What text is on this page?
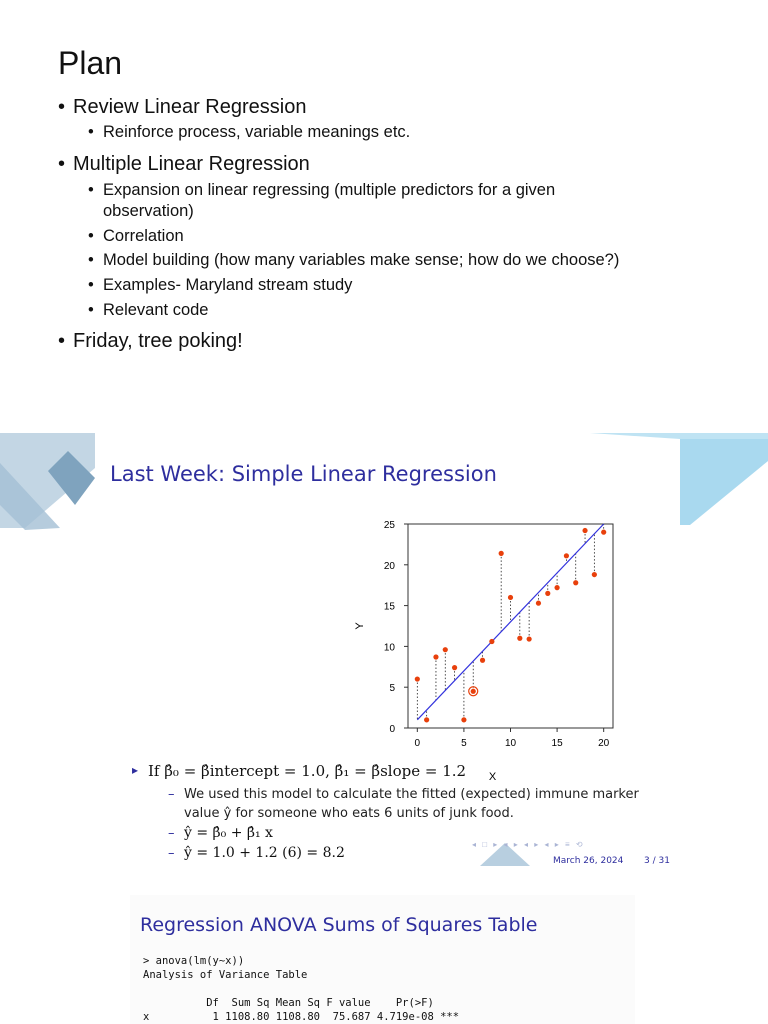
Plan
• Review Linear Regression
• Reinforce process, variable meanings etc.
• Multiple Linear Regression
• Expansion on linear regressing (multiple predictors for a given observation)
• Correlation
• Model building (how many variables make sense; how do we choose?)
• Examples- Maryland stream study
• Relevant code
• Friday, tree poking!
Last Week: Simple Linear Regression
0	5	10	15	20
0
5
10
15
20
25
X
Y
▸ If β̂₀ = β̂intercept = 1.0, β̂₁ = β̂slope = 1.2
– We used this model to calculate the fitted (expected) immune marker
value ŷ for someone who eats 6 units of junk food.
– ŷ = β̂₀ + β̂₁ x
– ŷ = 1.0 + 1.2 (6) = 8.2
◂ □ ▸ ◂ ▸ ◂ ▸ ◂ ▸ ≡ ⟲
March 26, 2024 3 / 31
Regression ANOVA Sums of Squares Table
> anova(lm(y~x))
Analysis of Variance Table
Df  Sum Sq Mean Sq F value    Pr(>F)
x          1 1108.80 1108.80  75.687 4.719e-08 ***
